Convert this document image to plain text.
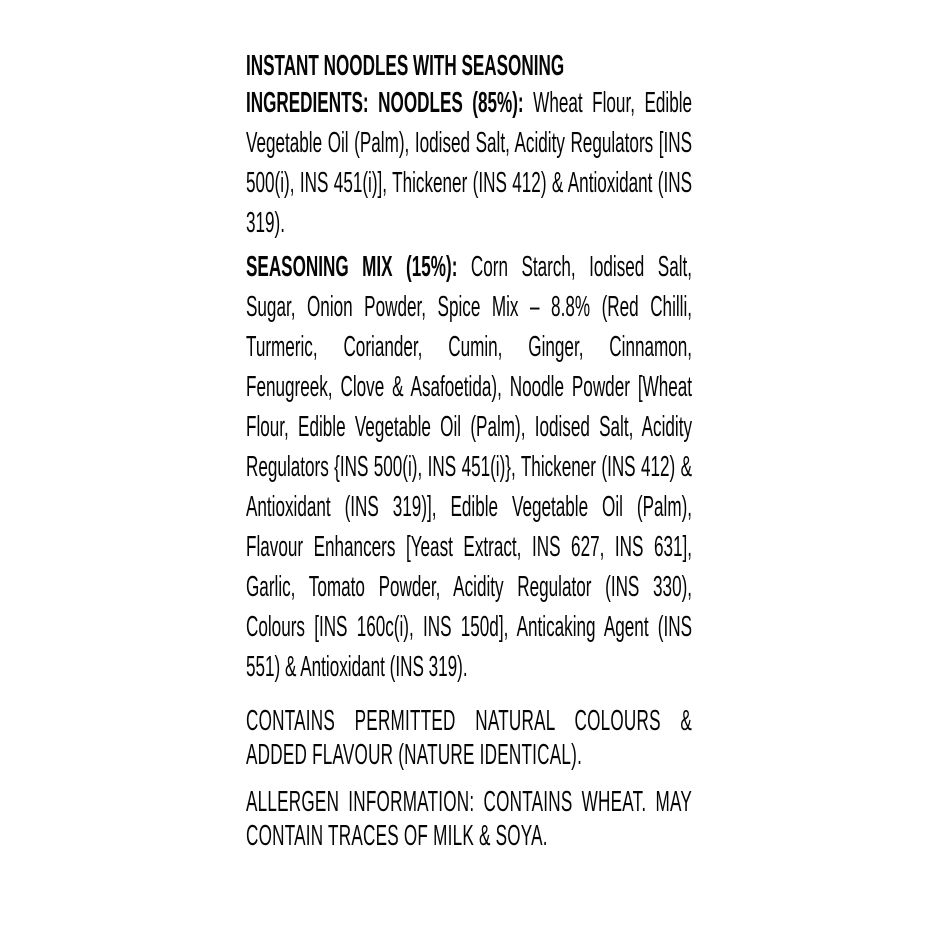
INSTANT NOODLES WITH SEASONING

INGREDIENTS: NOODLES (85%): Wheat Flour, Edible Vegetable Oil (Palm), Iodised Salt, Acidity Regulators [INS 500(i), INS 451(i)], Thickener (INS 412) & Antioxidant (INS 319).

SEASONING MIX (15%): Corn Starch, Iodised Salt, Sugar, Onion Powder, Spice Mix – 8.8% (Red Chilli, Turmeric, Coriander, Cumin, Ginger, Cinnamon, Fenugreek, Clove & Asafoetida), Noodle Powder [Wheat Flour, Edible Vegetable Oil (Palm), Iodised Salt, Acidity Regulators {INS 500(i), INS 451(i)}, Thickener (INS 412) & Antioxidant (INS 319)], Edible Vegetable Oil (Palm), Flavour Enhancers [Yeast Extract, INS 627, INS 631], Garlic, Tomato Powder, Acidity Regulator (INS 330), Colours [INS 160c(i), INS 150d], Anticaking Agent (INS 551) & Antioxidant (INS 319).

CONTAINS PERMITTED NATURAL COLOURS & ADDED FLAVOUR (NATURE IDENTICAL).

ALLERGEN INFORMATION: CONTAINS WHEAT. MAY CONTAIN TRACES OF MILK & SOYA.
